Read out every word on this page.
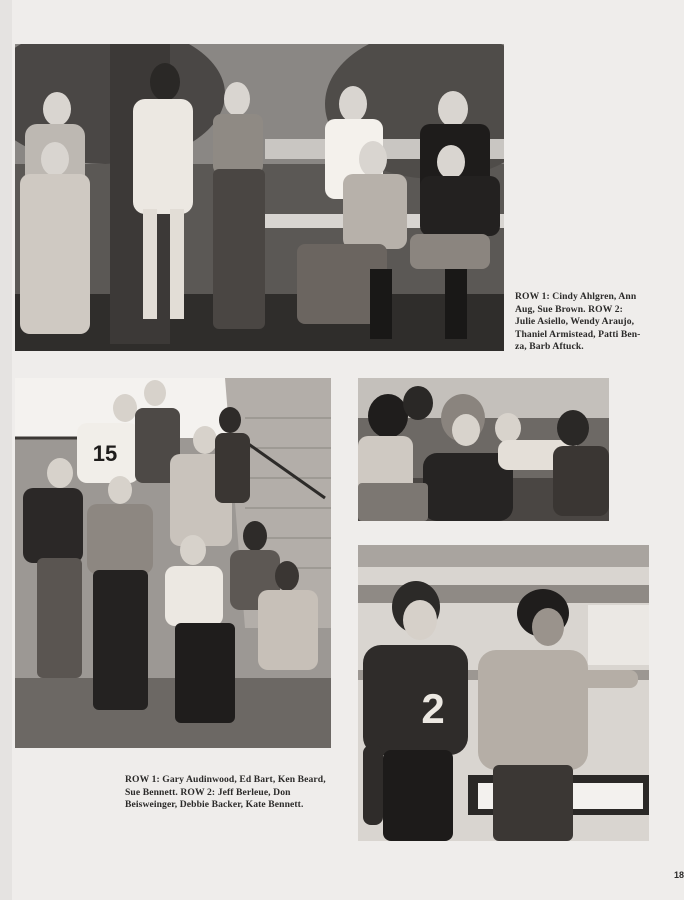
ROW 1: Cindy Ahlgren, Ann
Aug, Sue Brown. ROW 2:
Julie Asiello, Wendy Araujo,
Thaniel Armistead, Patti Ben-
za, Barb Aftuck.
15
ROW 1: Gary Audinwood, Ed Bart, Ken Beard,
Sue Bennett. ROW 2: Jeff Berleue, Don
Beisweinger, Debbie Backer, Kate Bennett.
2
18
